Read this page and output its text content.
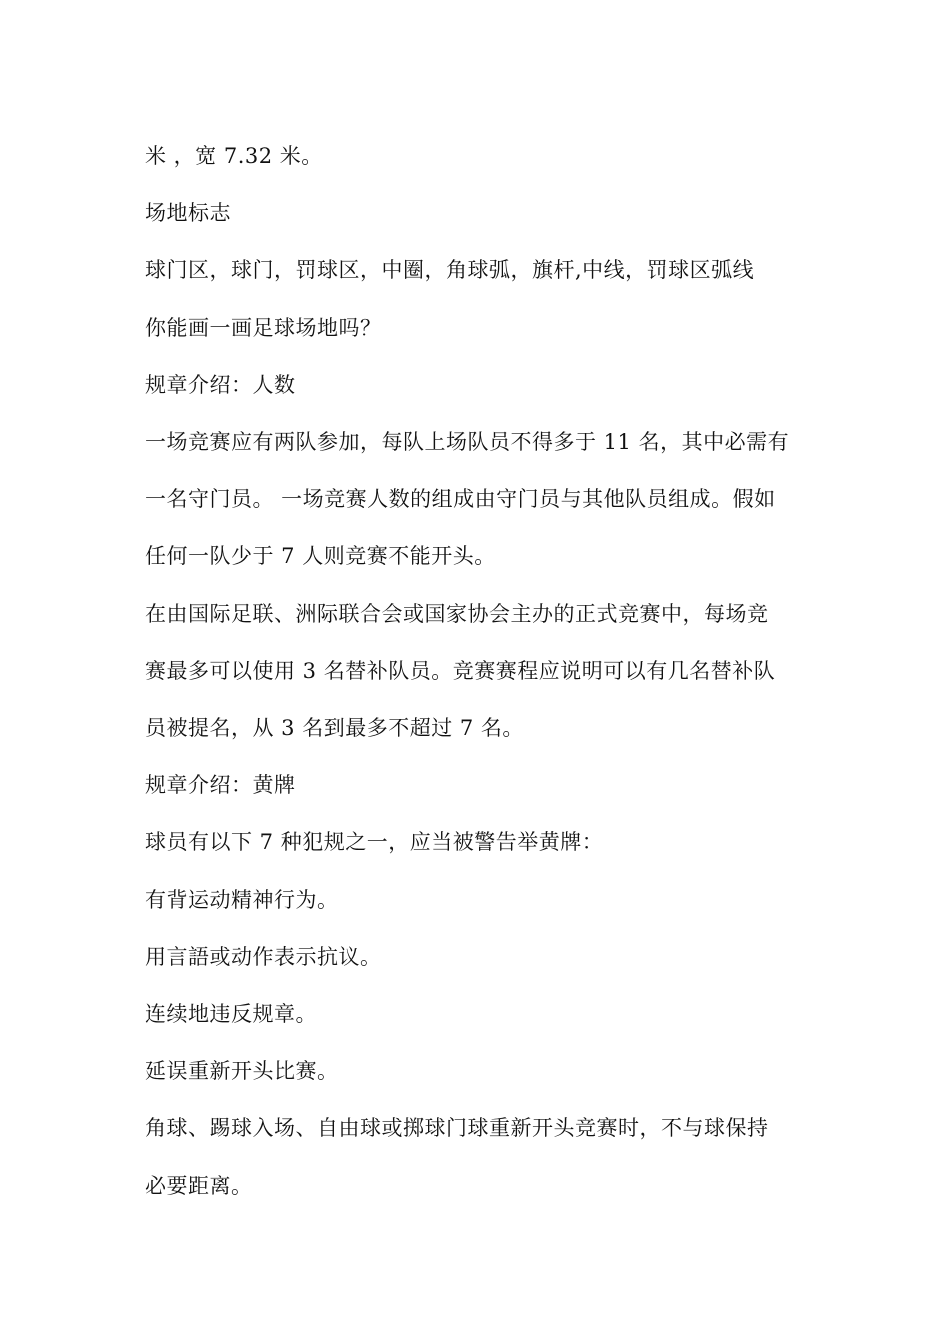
米 ，宽 7.32 米。

场地标志

球门区，球门，罚球区，中圈，角球弧，旗杆,中线，罚球区弧线

你能画一画足球场地吗？

规章介绍：人数

一场竞赛应有两队参加，每队上场队员不得多于 11 名，其中必需有

一名守门员。 一场竞赛人数的组成由守门员与其他队员组成。假如

任何一队少于 7 人则竞赛不能开头。

在由国际足联、洲际联合会或国家协会主办的正式竞赛中，每场竞

赛最多可以使用 3 名替补队员。竞赛赛程应说明可以有几名替补队

员被提名，从 3 名到最多不超过 7 名。

规章介绍：黄牌

球员有以下 7 种犯规之一，应当被警告举黄牌：

有背运动精神行为。

用言語或动作表示抗议。

连续地违反规章。

延误重新开头比赛。

角球、踢球入场、自由球或掷球门球重新开头竞赛时，不与球保持

必要距离。
